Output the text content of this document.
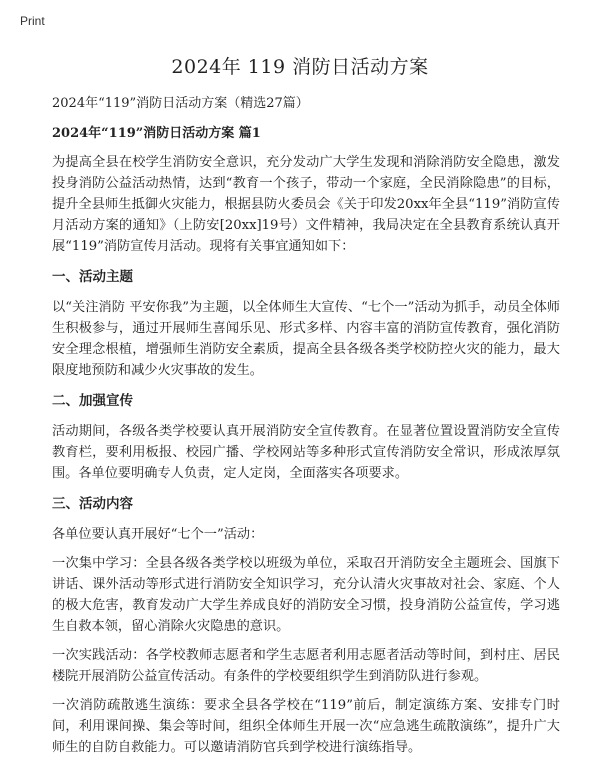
Print
2024年 119 消防日活动方案

2024年“119”消防日活动方案（精选27篇）

2024年“119”消防日活动方案 篇1

为提高全县在校学生消防安全意识，充分发动广大学生发现和消除消防安全隐患，激发投身消防公益活动热情，达到“教育一个孩子，带动一个家庭，全民消除隐患”的目标，提升全县师生抵御火灾能力，根据县防火委员会《关于印发20xx年全县“119”消防宣传月活动方案的通知》（上防安[20xx]19号）文件精神，我局决定在全县教育系统认真开展“119”消防宣传月活动。现将有关事宜通知如下：

一、活动主题

以“关注消防 平安你我”为主题，以全体师生大宣传、“七个一”活动为抓手，动员全体师生积极参与，通过开展师生喜闻乐见、形式多样、内容丰富的消防宣传教育，强化消防安全理念根植，增强师生消防安全素质，提高全县各级各类学校防控火灾的能力，最大限度地预防和减少火灾事故的发生。

二、加强宣传

活动期间，各级各类学校要认真开展消防安全宣传教育。在显著位置设置消防安全宣传教育栏，要利用板报、校园广播、学校网站等多种形式宣传消防安全常识，形成浓厚氛围。各单位要明确专人负责，定人定岗，全面落实各项要求。

三、活动内容

各单位要认真开展好“七个一”活动：

一次集中学习：全县各级各类学校以班级为单位，采取召开消防安全主题班会、国旗下讲话、课外活动等形式进行消防安全知识学习，充分认清火灾事故对社会、家庭、个人的极大危害，教育发动广大学生养成良好的消防安全习惯，投身消防公益宣传，学习逃生自救本领，留心消除火灾隐患的意识。

一次实践活动：各学校教师志愿者和学生志愿者利用志愿者活动等时间，到村庄、居民楼院开展消防公益宣传活动。有条件的学校要组织学生到消防队进行参观。

一次消防疏散逃生演练：要求全县各学校在“119”前后，制定演练方案、安排专门时间，利用课间操、集会等时间，组织全体师生开展一次“应急逃生疏散演练”，提升广大师生的自防自救能力。可以邀请消防官兵到学校进行演练指导。
